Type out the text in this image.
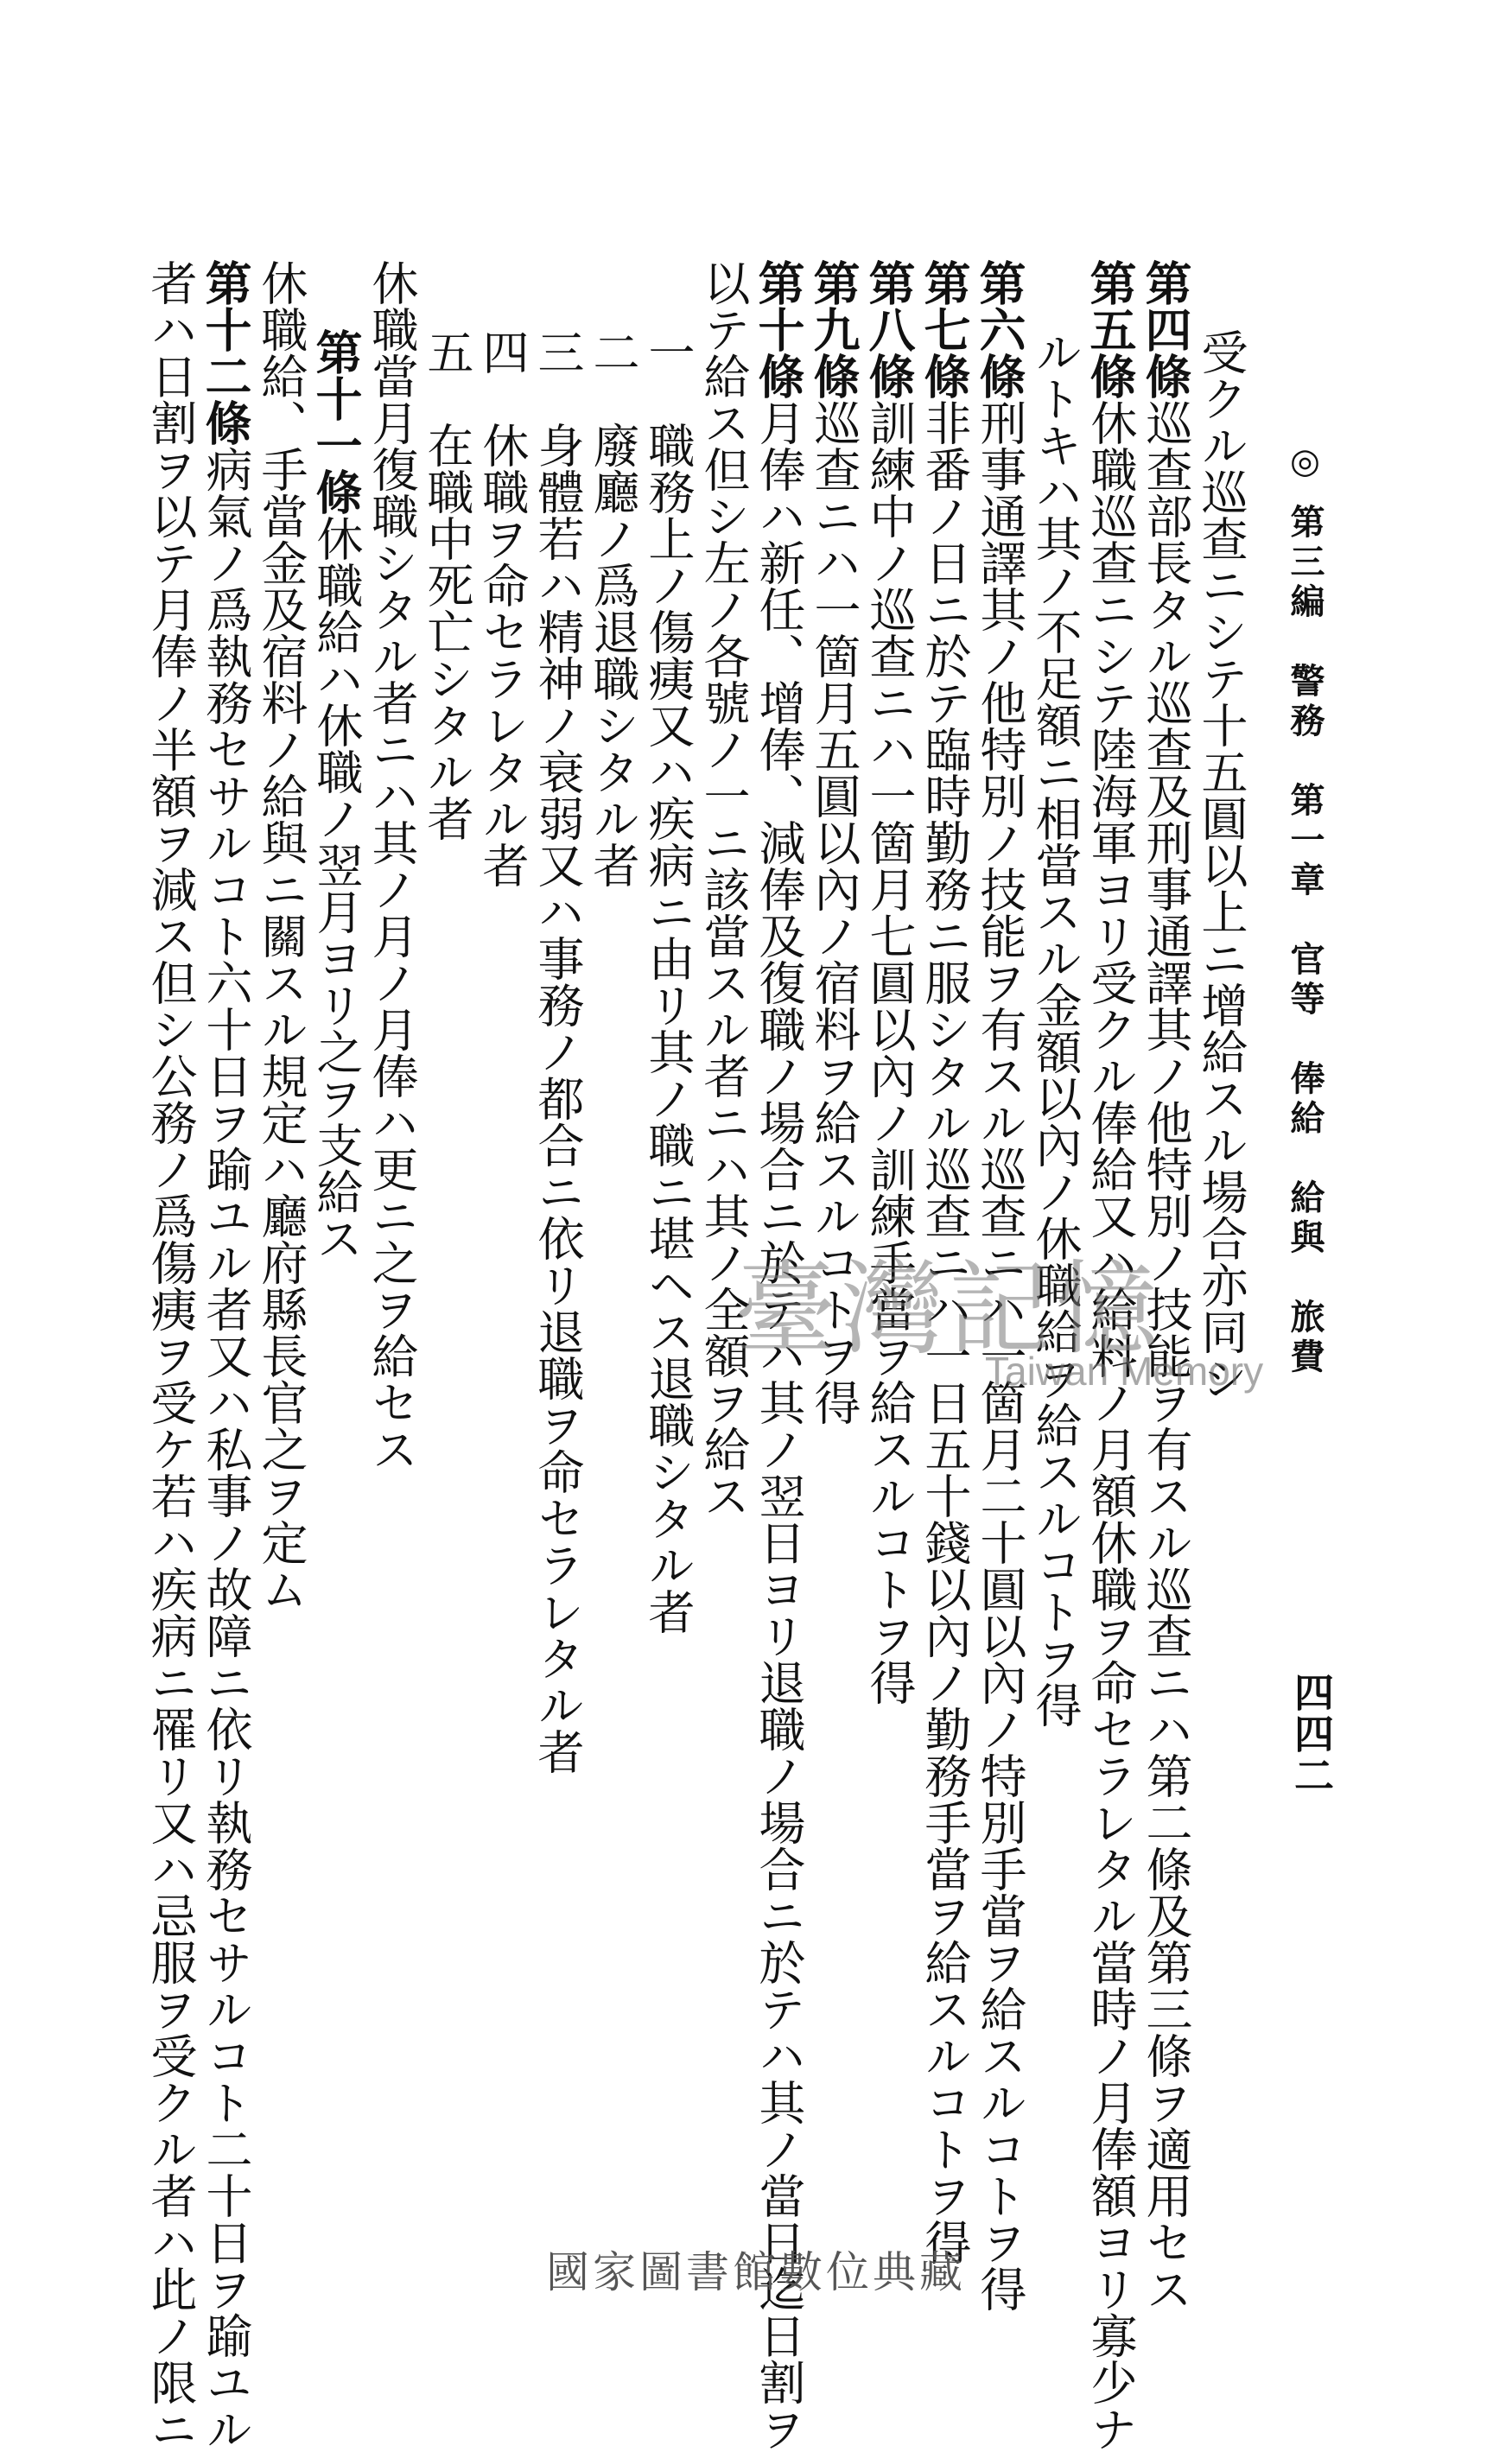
◎ 第三編　警務　第一章　官等　俸給　給與　旅費
四四二
受クル巡查ニシテ十五圓以上ニ增給スル場合亦同シ
第四條巡查部長タル巡查及刑事通譯其ノ他特別ノ技能ヲ有スル巡查ニハ第二條及第三條ヲ適用セス
第五條休職巡查ニシテ陸海軍ヨリ受クル俸給又ハ給料ノ月額休職ヲ命セラレタル當時ノ月俸額ヨリ寡少ナ
ルトキハ其ノ不足額ニ相當スル金額以內ノ休職給ヲ給スルコトヲ得
第六條刑事通譯其ノ他特別ノ技能ヲ有スル巡查ニハ一箇月二十圓以內ノ特別手當ヲ給スルコトヲ得
第七條非番ノ日ニ於テ臨時勤務ニ服シタル巡查ニハ一日五十錢以內ノ勤務手當ヲ給スルコトヲ得
第八條訓練中ノ巡查ニハ一箇月七圓以內ノ訓練手當ヲ給スルコトヲ得
第九條巡查ニハ一箇月五圓以內ノ宿料ヲ給スルコトヲ得
第十條月俸ハ新任、增俸、減俸及復職ノ場合ニ於テハ其ノ翌日ヨリ退職ノ場合ニ於テハ其ノ當日迄日割ヲ
以テ給ス但シ左ノ各號ノ一ニ該當スル者ニハ其ノ全額ヲ給ス
一　職務上ノ傷痍又ハ疾病ニ由リ其ノ職ニ堪ヘス退職シタル者
二　廢廳ノ爲退職シタル者
三　身體若ハ精神ノ衰弱又ハ事務ノ都合ニ依リ退職ヲ命セラレタル者
四　休職ヲ命セラレタル者
五　在職中死亡シタル者
休職當月復職シタル者ニハ其ノ月ノ月俸ハ更ニ之ヲ給セス
第十一條休職給ハ休職ノ翌月ヨリ之ヲ支給ス
休職給、手當金及宿料ノ給與ニ關スル規定ハ廳府縣長官之ヲ定ム
第十二條病氣ノ爲執務セサルコト六十日ヲ踰ユル者又ハ私事ノ故障ニ依リ執務セサルコト二十日ヲ踰ユル
者ハ日割ヲ以テ月俸ノ半額ヲ減ス但シ公務ノ爲傷痍ヲ受ケ若ハ疾病ニ罹リ又ハ忌服ヲ受クル者ハ此ノ限ニ	臺灣記憶
Taiwan Memory
國家圖書館數位典藏
